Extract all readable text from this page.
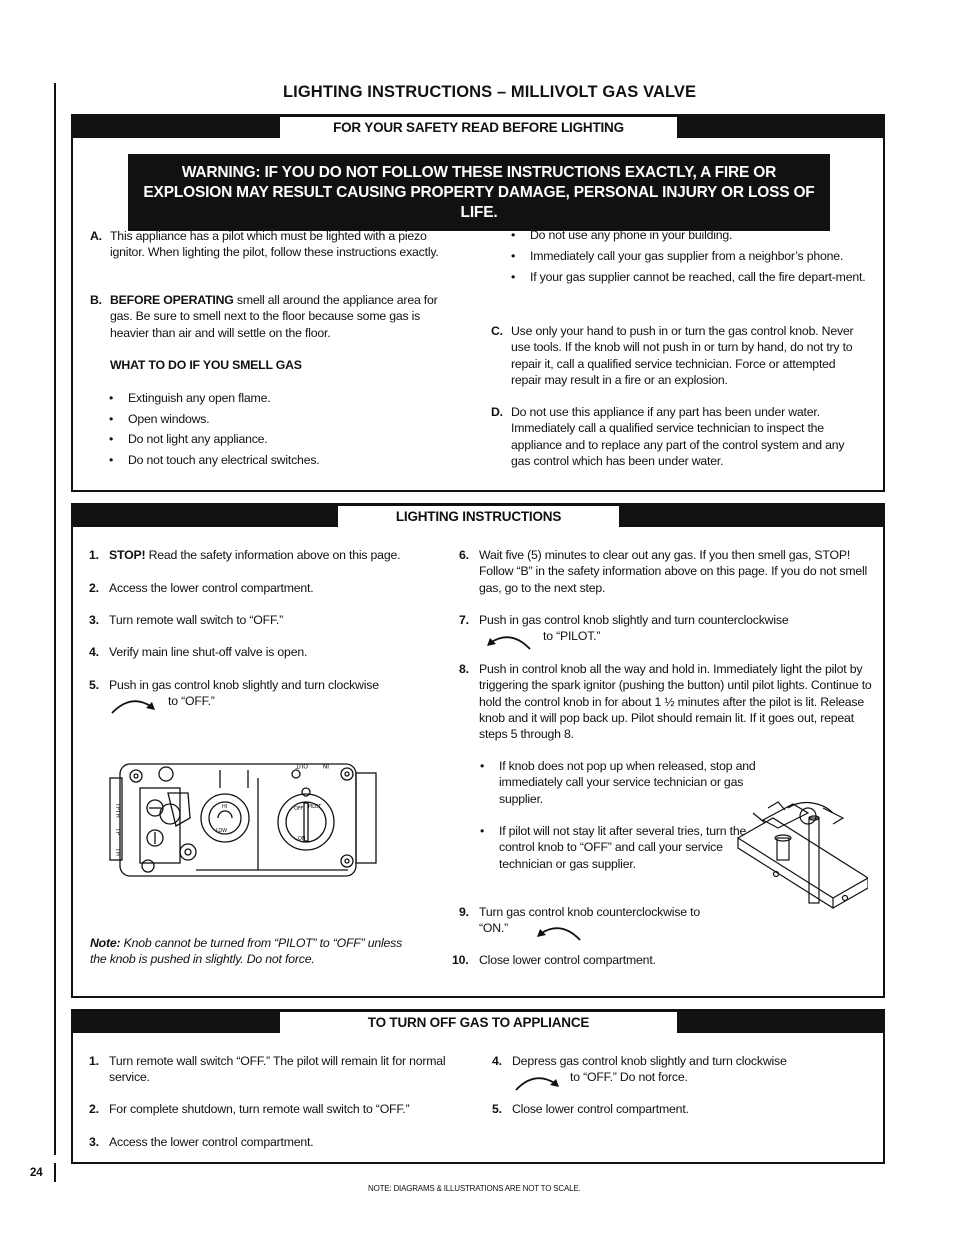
LIGHTING INSTRUCTIONS – MILLIVOLT GAS VALVE
FOR YOUR SAFETY READ BEFORE LIGHTING
WARNING: IF YOU DO NOT FOLLOW THESE INSTRUCTIONS EXACTLY, A FIRE OR EXPLOSION MAY RESULT CAUSING PROPERTY DAMAGE, PERSONAL INJURY OR LOSS OF LIFE.
A. This appliance has a pilot which must be lighted with a piezo ignitor. When lighting the pilot, follow these instructions exactly.
B. BEFORE OPERATING smell all around the appliance area for gas. Be sure to smell next to the floor because some gas is heavier than air and will settle on the floor.
WHAT TO DO IF YOU SMELL GAS
• Extinguish any open flame.
• Open windows.
• Do not light any appliance.
• Do not touch any electrical switches.
• Do not use any phone in your building.
• Immediately call your gas supplier from a neighbor’s phone.
• If your gas supplier cannot be reached, call the fire depart-ment.
C. Use only your hand to push in or turn the gas control knob. Never use tools. If the knob will not push in or turn by hand, do not try to repair it, call a qualified service technician. Force or attempted repair may result in a fire or an explosion.
D. Do not use this appliance if any part has been under water. Immediately call a qualified service technician to inspect the appliance and to replace any part of the control system and any gas control which has been under water.
LIGHTING INSTRUCTIONS
1. STOP! Read the safety information above on this page.
2. Access the lower control compartment.
3. Turn remote wall switch to “OFF.”
4. Verify main line shut-off valve is open.
5. Push in gas control knob slightly and turn clockwise
to “OFF.”
TPTH
TP
TH
OUT	IN
PILOT
OFF
ON
LOW
HI
Note: Knob cannot be turned from “PILOT” to “OFF” unless the knob is pushed in slightly. Do not force.
6. Wait five (5) minutes to clear out any gas. If you then smell gas, STOP! Follow “B” in the safety information above on this page. If you do not smell gas, go to the next step.
7. Push in gas control knob slightly and turn counterclockwise
to “PILOT.”
8. Push in control knob all the way and hold in. Immediately light the pilot by triggering the spark ignitor (pushing the button) until pilot lights. Continue to hold the control knob in for about 1 ½ minutes after the pilot is lit. Release knob and it will pop back up. Pilot should remain lit. If it goes out, repeat steps 5 through 8.
• If knob does not pop up when released, stop and immediately call your service technician or gas supplier.
• If pilot will not stay lit after several tries, turn the control knob to “OFF” and call your service technician or gas supplier.
9. Turn gas control knob counterclockwise to “ON.”
10. Close lower control compartment.
TO TURN OFF GAS TO APPLIANCE
1. Turn remote wall switch “OFF.” The pilot will remain lit for normal service.
2. For complete shutdown, turn remote wall switch to “OFF.”
3. Access the lower control compartment.
4. Depress gas control knob slightly and turn clockwise
to “OFF.” Do not force.
5. Close lower control compartment.
24
NOTE: DIAGRAMS & ILLUSTRATIONS ARE NOT TO SCALE.
